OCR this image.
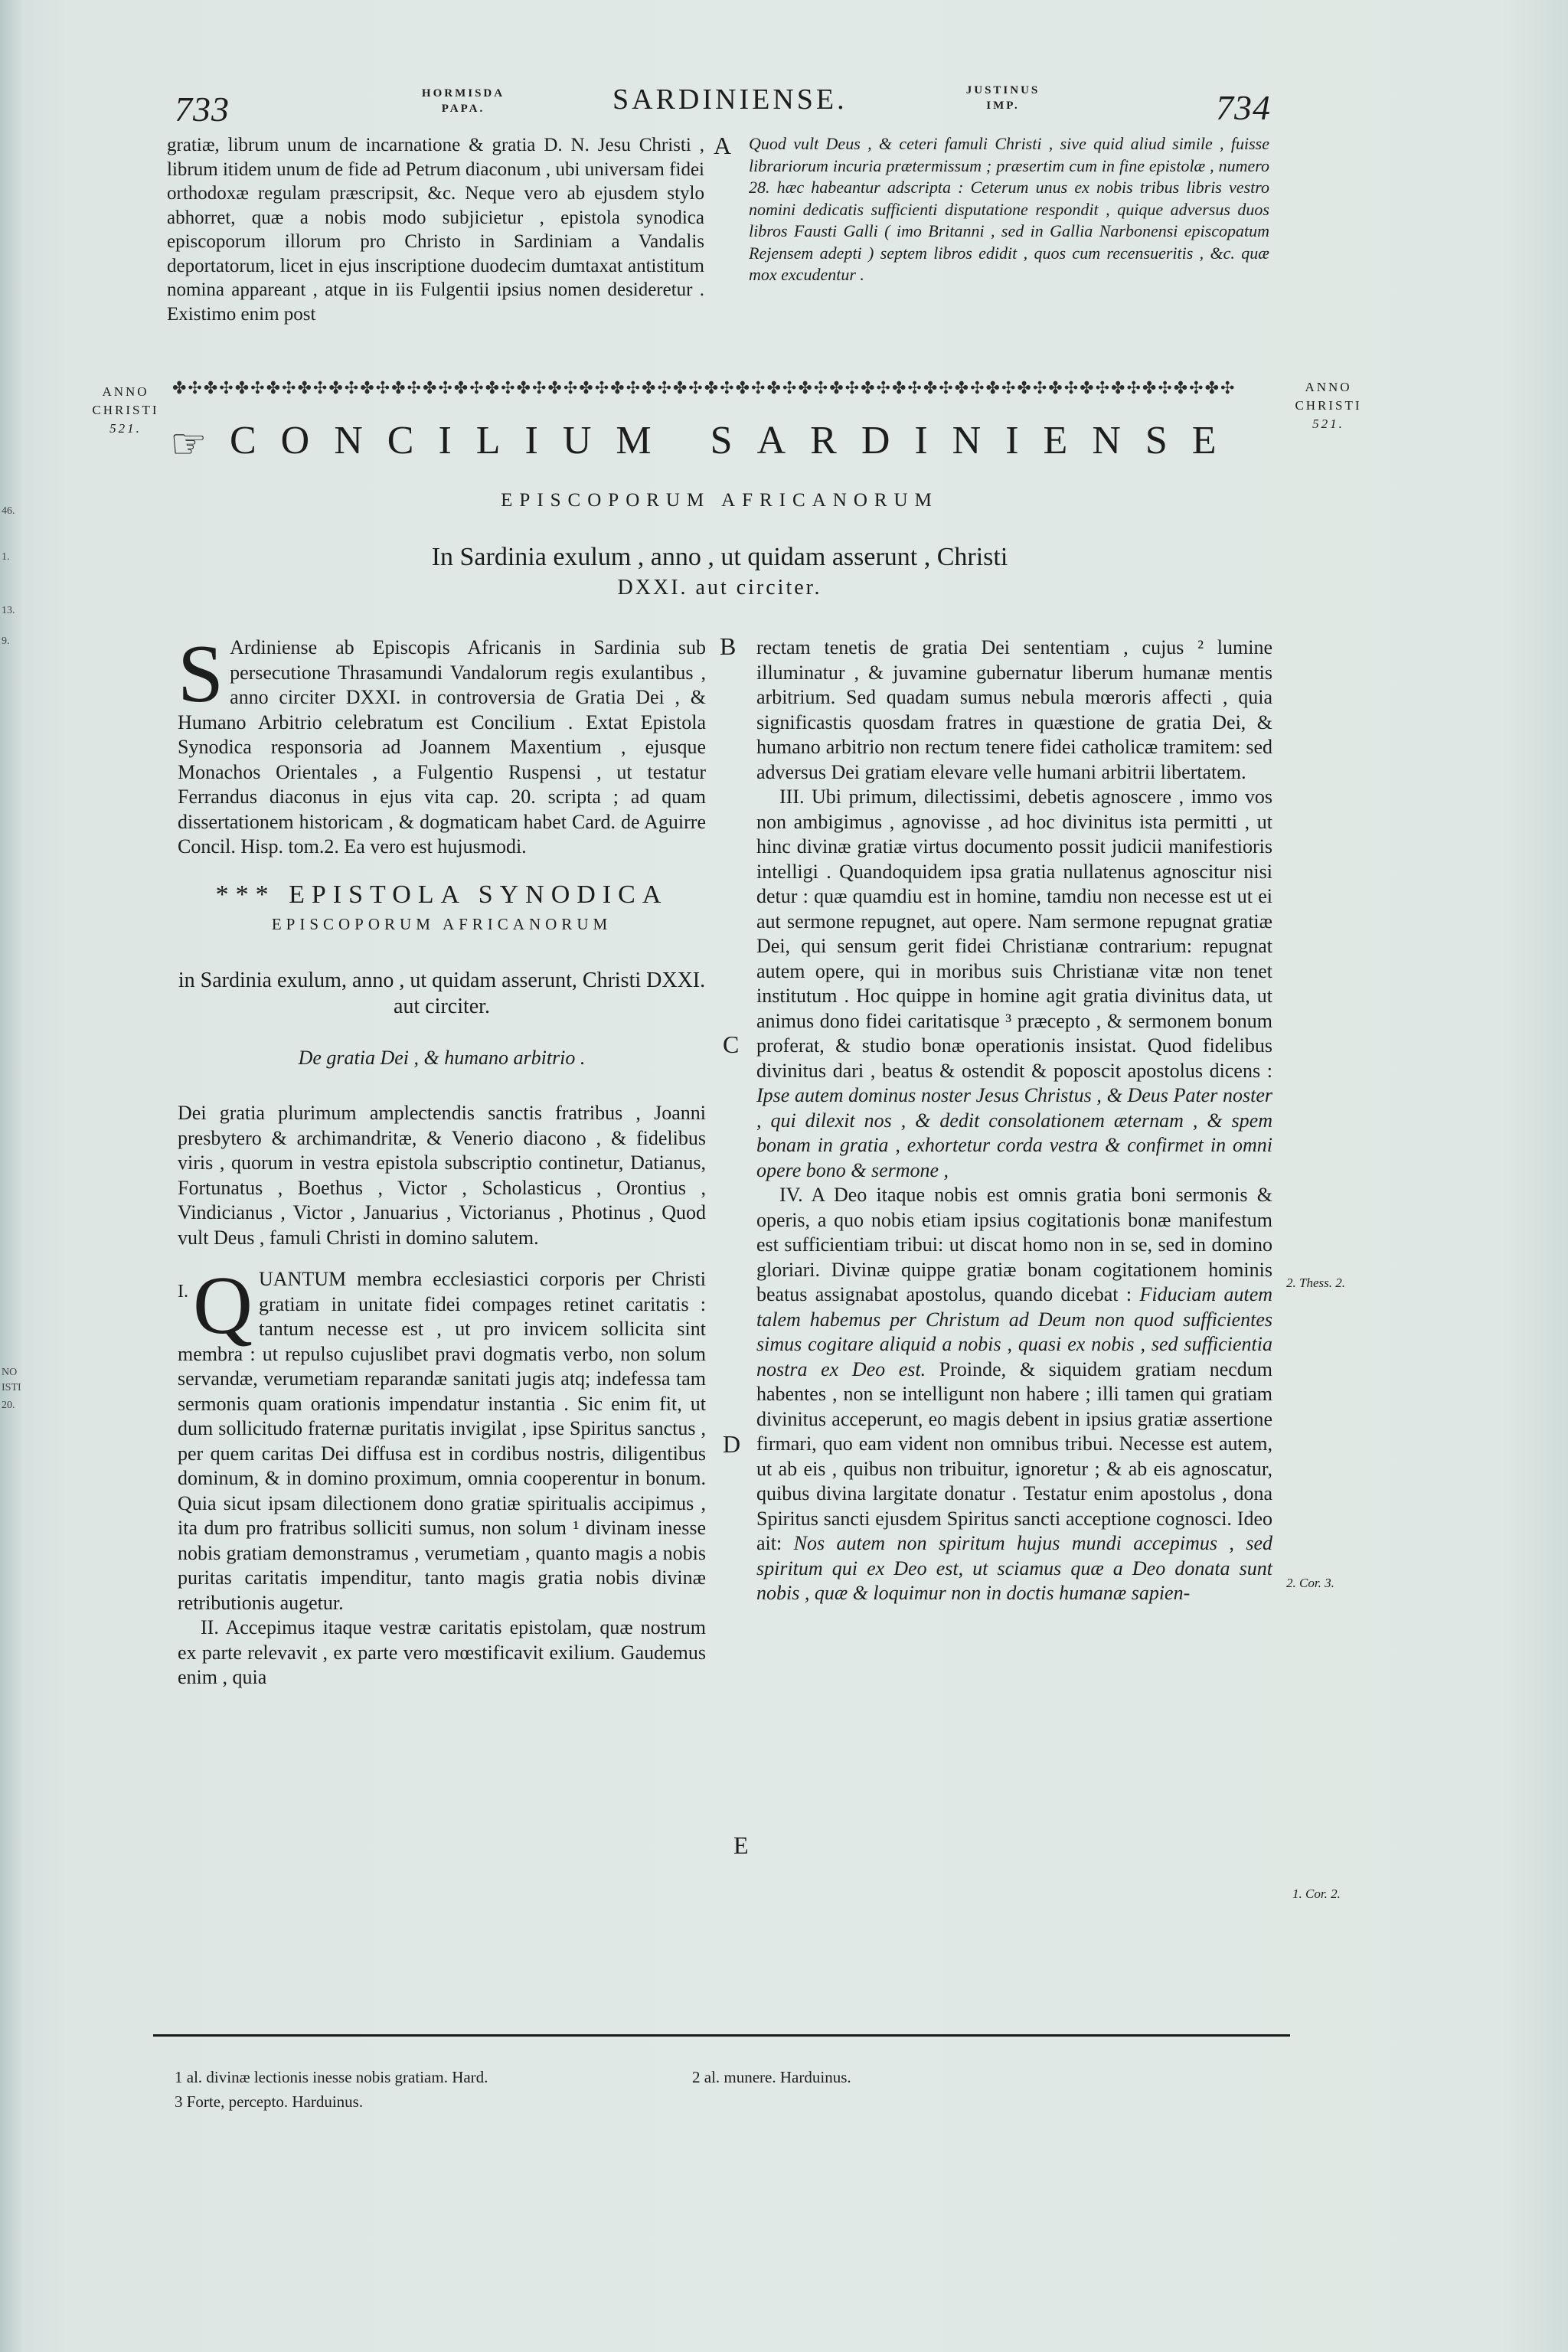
46.
1.
13.
9.
NO
ISTI
20.
733	HORMISDA
PAPA.	SARDINIENSE.	JUSTINUS
IMP.	734

gratiæ, librum unum de incarnatione & gratia D. N. Jesu Christi , librum itidem unum de fide ad Petrum diaconum , ubi universam fidei orthodoxæ regulam præscripsit, &c. Neque vero ab ejusdem stylo abhorret, quæ a nobis modo subjicietur , epistola synodica episcoporum illorum pro Christo in Sardiniam a Vandalis deportatorum, licet in ejus inscriptione duodecim dumtaxat antistitum nomina appareant , atque in iis Fulgentii ipsius nomen desideretur . Existimo enim post

A Quod vult Deus , & ceteri famuli Christi , sive quid aliud simile , fuisse librariorum incuria prætermissum ; præsertim cum in fine epistolæ , numero 28. hæc habeantur adscripta : Ceterum unus ex nobis tribus libris vestro nomini dedicatis sufficienti disputatione respondit , quique adversus duos libros Fausti Galli ( imo Britanni , sed in Gallia Narbonensi episcopatum Rejensem adepti ) septem libros edidit , quos cum recensueritis , &c. quæ mox excudentur .

ANNO
CHRISTI
521.
ANNO
CHRISTI
521.
✤✣✤✣✤✣✤✣✤✣✤✣✤✣✤✣✤✣✤✣✤✣✤✣✤✣✤✣✤✣✤✣✤✣✤✣✤✣✤✣✤✣✤✣✤✣✤✣✤✣✤✣✤✣✤✣✤✣✤✣✤✣✤✣✤✣✤✣
☞ CONCILIUM SARDINIENSE
EPISCOPORUM AFRICANORUM
In Sardinia exulum , anno , ut quidam asserunt , Christi
DXXI. aut circiter.

S Ardiniense ab Episcopis Africanis in Sardinia sub persecutione Thrasamundi Vandalorum regis exulantibus , anno circiter DXXI. in controversia de Gratia Dei , & Humano Arbitrio celebratum est Concilium . Extat Epistola Synodica responsoria ad Joannem Maxentium , ejusque Monachos Orientales , a Fulgentio Ruspensi , ut testatur Ferrandus diaconus in ejus vita cap. 20. scripta ; ad quam dissertationem historicam , & dogmaticam habet Card. de Aguirre Concil. Hisp. tom.2. Ea vero est hujusmodi.

*** EPISTOLA SYNODICA
EPISCOPORUM AFRICANORUM
in Sardinia exulum, anno , ut quidam asserunt, Christi DXXI. aut circiter.
De gratia Dei , & humano arbitrio .

Dei gratia plurimum amplectendis sanctis fratribus , Joanni presbytero & archimandritæ, & Venerio diacono , & fidelibus viris , quorum in vestra epistola subscriptio continetur, Datianus, Fortunatus , Boethus , Victor , Scholasticus , Orontius , Vindicianus , Victor , Januarius , Victorianus , Photinus , Quod vult Deus , famuli Christi in domino salutem.

I. Q UANTUM membra ecclesiastici corporis per Christi gratiam in unitate fidei compages retinet caritatis : tantum necesse est , ut pro invicem sollicita sint membra : ut repulso cujuslibet pravi dogmatis verbo, non solum servandæ, verumetiam reparandæ sanitati jugis atq; indefessa tam sermonis quam orationis impendatur instantia . Sic enim fit, ut dum sollicitudo fraternæ puritatis invigilat , ipse Spiritus sanctus , per quem caritas Dei diffusa est in cordibus nostris, diligentibus dominum, & in domino proximum, omnia cooperentur in bonum. Quia sicut ipsam dilectionem dono gratiæ spiritualis accipimus , ita dum pro fratribus solliciti sumus, non solum ¹ divinam inesse nobis gratiam demonstramus , verumetiam , quanto magis a nobis puritas caritatis impenditur, tanto magis gratia nobis divinæ retributionis augetur.

II. Accepimus itaque vestræ caritatis epistolam, quæ nostrum ex parte relevavit , ex parte vero mœstificavit exilium. Gaudemus enim , quia

B
C
D
E

rectam tenetis de gratia Dei sententiam , cujus ² lumine illuminatur , & juvamine gubernatur liberum humanæ mentis arbitrium. Sed quadam sumus nebula mœroris affecti , quia significastis quosdam fratres in quæstione de gratia Dei, & humano arbitrio non rectum tenere fidei catholicæ tramitem: sed adversus Dei gratiam elevare velle humani arbitrii libertatem.

III. Ubi primum, dilectissimi, debetis agnoscere , immo vos non ambigimus , agnovisse , ad hoc divinitus ista permitti , ut hinc divinæ gratiæ virtus documento possit judicii manifestioris intelligi . Quandoquidem ipsa gratia nullatenus agnoscitur nisi detur : quæ quamdiu est in homine, tamdiu non necesse est ut ei aut sermone repugnet, aut opere. Nam sermone repugnat gratiæ Dei, qui sensum gerit fidei Christianæ contrarium: repugnat autem opere, qui in moribus suis Christianæ vitæ non tenet institutum . Hoc quippe in homine agit gratia divinitus data, ut animus dono fidei caritatisque ³ præcepto , & sermonem bonum proferat, & studio bonæ operationis insistat. Quod fidelibus divinitus dari , beatus & ostendit & poposcit apostolus dicens : Ipse autem dominus noster Jesus Christus , & Deus Pater noster , qui dilexit nos , & dedit consolationem æternam , & spem bonam in gratia , exhortetur corda vestra & confirmet in omni opere bono & sermone ,

IV. A Deo itaque nobis est omnis gratia boni sermonis & operis, a quo nobis etiam ipsius cogitationis bonæ manifestum est sufficientiam tribui: ut discat homo non in se, sed in domino gloriari. Divinæ quippe gratiæ bonam cogitationem hominis beatus assignabat apostolus, quando dicebat : Fiduciam autem talem habemus per Christum ad Deum non quod sufficientes simus cogitare aliquid a nobis , quasi ex nobis , sed sufficientia nostra ex Deo est. Proinde, & siquidem gratiam necdum habentes , non se intelligunt non habere ; illi tamen qui gratiam divinitus acceperunt, eo magis debent in ipsius gratiæ assertione firmari, quo eam vident non omnibus tribui. Necesse est autem, ut ab eis , quibus non tribuitur, ignoretur ; & ab eis agnoscatur, quibus divina largitate donatur . Testatur enim apostolus , dona Spiritus sancti ejusdem Spiritus sancti acceptione cognosci. Ideo ait: Nos autem non spiritum hujus mundi accepimus , sed spiritum qui ex Deo est, ut sciamus quæ a Deo donata sunt nobis , quæ & loquimur non in doctis humanæ sapien-

2. Thess. 2.
2. Cor. 3.
1. Cor. 2.
1 al. divinæ lectionis inesse nobis gratiam. Hard.	2 al. munere. Harduinus.
3 Forte, percepto. Harduinus.
